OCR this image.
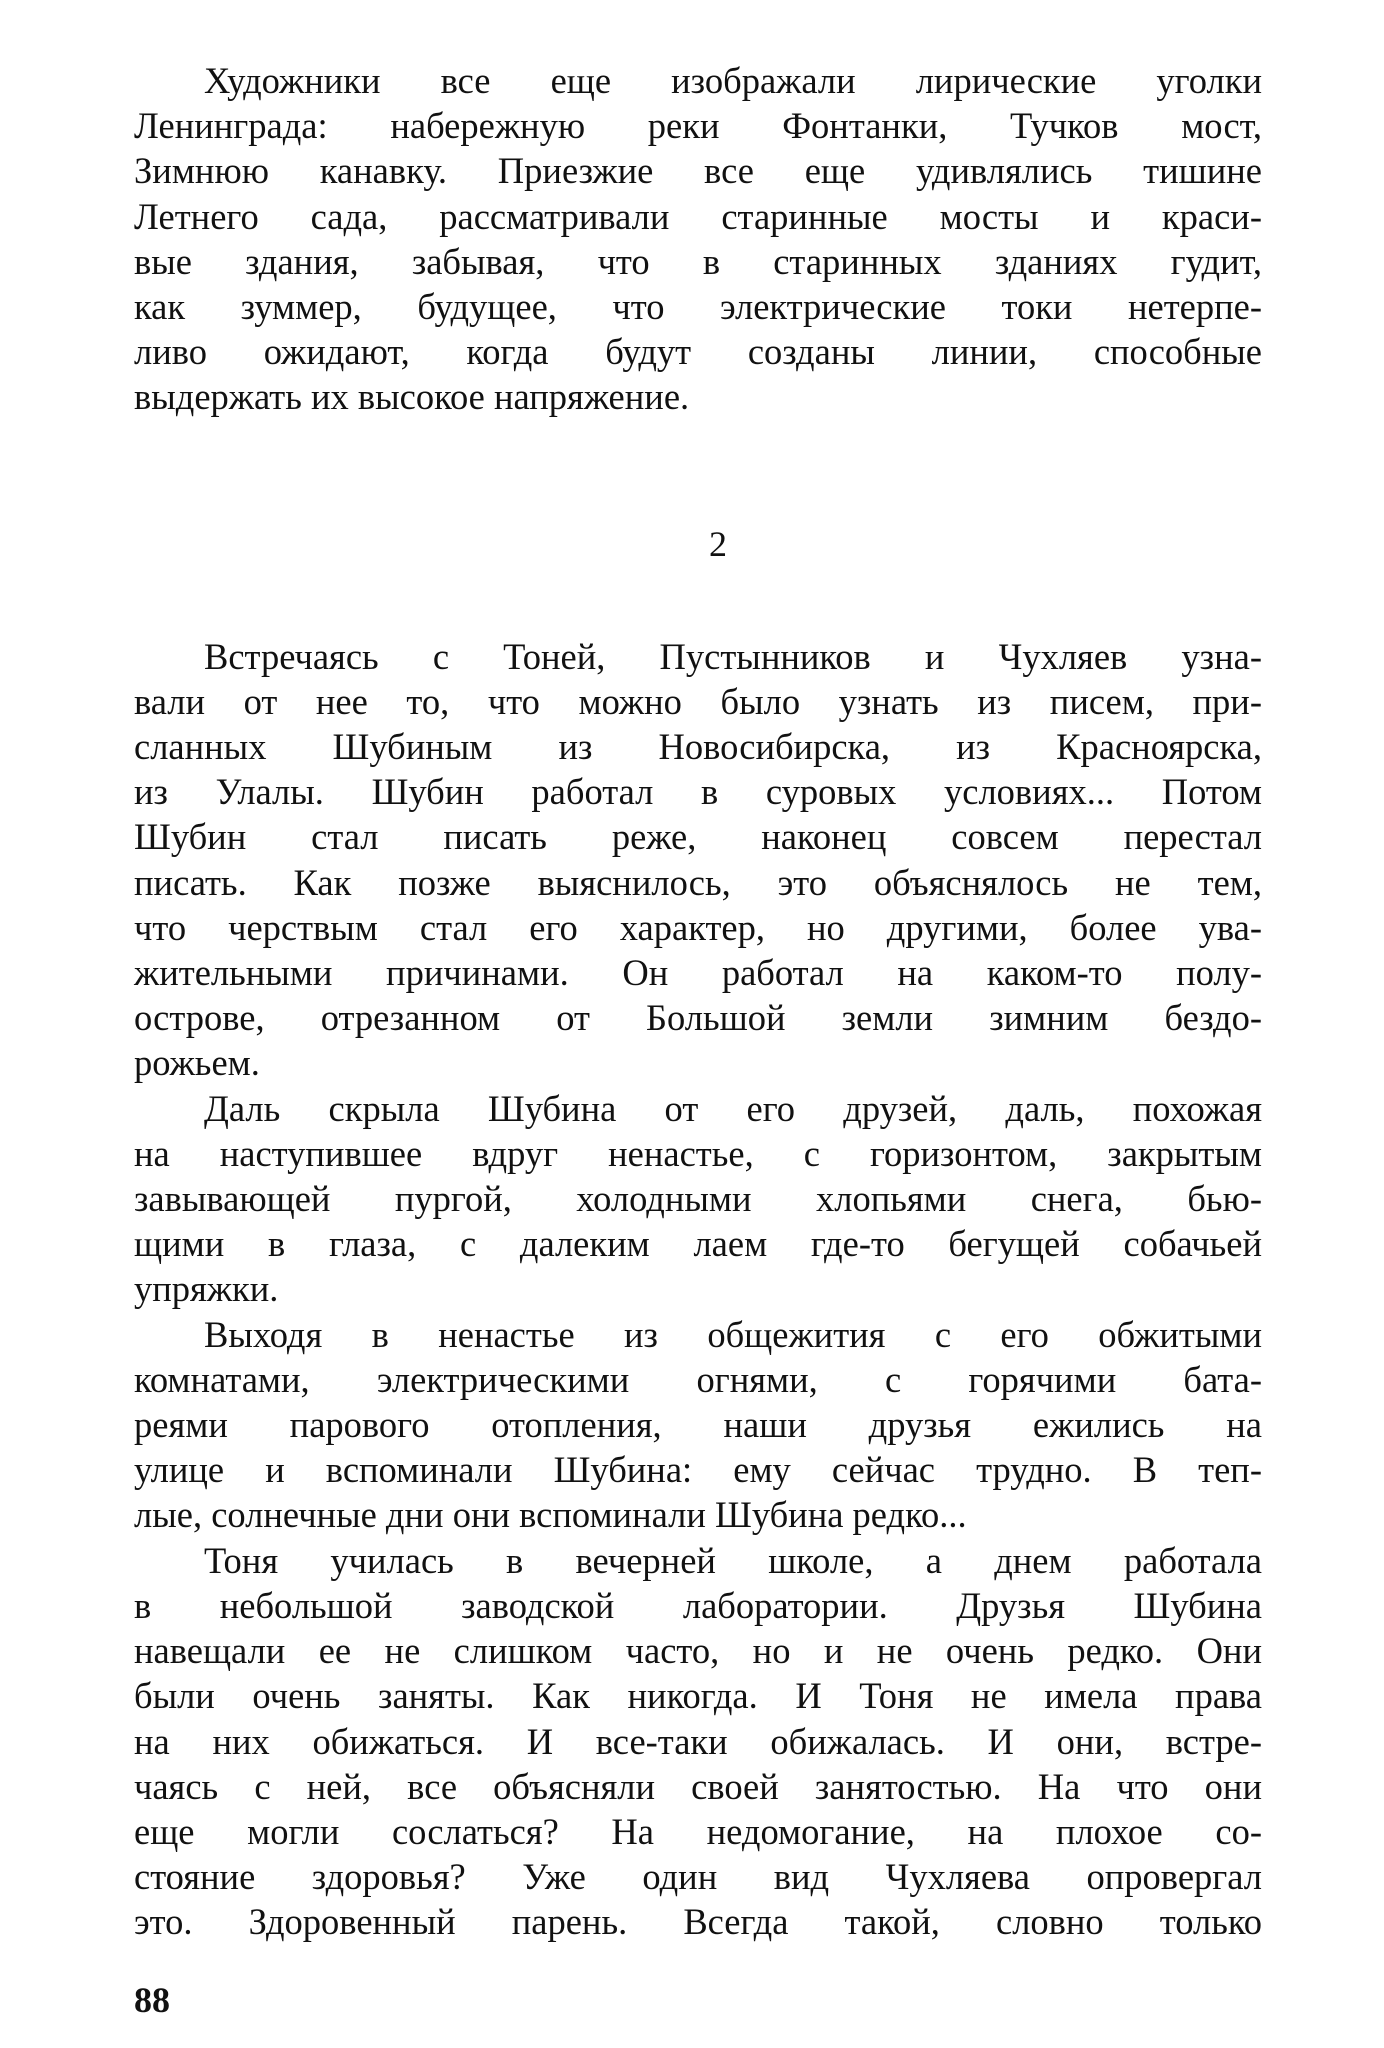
Художники все еще изображали лирические уголки
Ленинграда: набережную реки Фонтанки, Тучков мост,
Зимнюю канавку. Приезжие все еще удивлялись тишине
Летнего сада, рассматривали старинные мосты и краси-
вые здания, забывая, что в старинных зданиях гудит,
как зуммер, будущее, что электрические токи нетерпе-
ливо ожидают, когда будут созданы линии, способные
выдержать их высокое напряжение.
2
Встречаясь с Тоней, Пустынников и Чухляев узна-
вали от нее то, что можно было узнать из писем, при-
сланных Шубиным из Новосибирска, из Красноярска,
из Улалы. Шубин работал в суровых условиях... Потом
Шубин стал писать реже, наконец совсем перестал
писать. Как позже выяснилось, это объяснялось не тем,
что черствым стал его характер, но другими, более ува-
жительными причинами. Он работал на каком-то полу-
острове, отрезанном от Большой земли зимним бездо-
рожьем.
Даль скрыла Шубина от его друзей, даль, похожая
на наступившее вдруг ненастье, с горизонтом, закрытым
завывающей пургой, холодными хлопьями снега, бью-
щими в глаза, с далеким лаем где-то бегущей собачьей
упряжки.
Выходя в ненастье из общежития с его обжитыми
комнатами, электрическими огнями, с горячими бата-
реями парового отопления, наши друзья ежились на
улице и вспоминали Шубина: ему сейчас трудно. В теп-
лые, солнечные дни они вспоминали Шубина редко...
Тоня училась в вечерней школе, а днем работала
в небольшой заводской лаборатории. Друзья Шубина
навещали ее не слишком часто, но и не очень редко. Они
были очень заняты. Как никогда. И Тоня не имела права
на них обижаться. И все-таки обижалась. И они, встре-
чаясь с ней, все объясняли своей занятостью. На что они
еще могли сослаться? На недомогание, на плохое со-
стояние здоровья? Уже один вид Чухляева опровергал
это. Здоровенный парень. Всегда такой, словно только
88
